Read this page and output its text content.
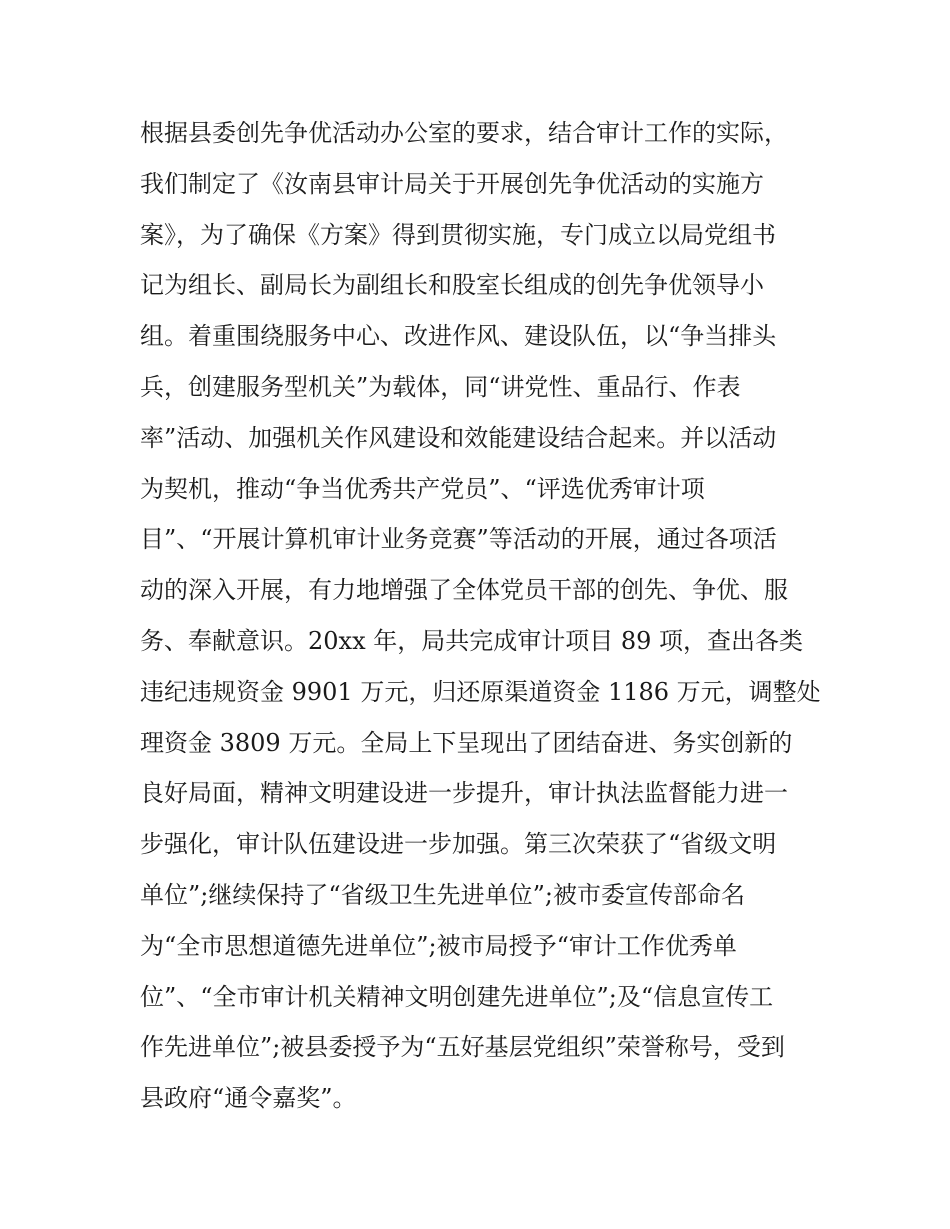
根据县委创先争优活动办公室的要求，结合审计工作的实际，
我们制定了《汝南县审计局关于开展创先争优活动的实施方
案》，为了确保《方案》得到贯彻实施，专门成立以局党组书
记为组长、副局长为副组长和股室长组成的创先争优领导小
组。着重围绕服务中心、改进作风、建设队伍，以“争当排头
兵，创建服务型机关”为载体，同“讲党性、重品行、作表
率”活动、加强机关作风建设和效能建设结合起来。并以活动
为契机，推动“争当优秀共产党员”、“评选优秀审计项
目”、“开展计算机审计业务竞赛”等活动的开展，通过各项活
动的深入开展，有力地增强了全体党员干部的创先、争优、服
务、奉献意识。20xx 年，局共完成审计项目 89 项，查出各类
违纪违规资金 9901 万元，归还原渠道资金 1186 万元，调整处
理资金 3809 万元。全局上下呈现出了团结奋进、务实创新的
良好局面，精神文明建设进一步提升，审计执法监督能力进一
步强化，审计队伍建设进一步加强。第三次荣获了“省级文明
单位”;继续保持了“省级卫生先进单位”;被市委宣传部命名
为“全市思想道德先进单位”;被市局授予“审计工作优秀单
位”、“全市审计机关精神文明创建先进单位”;及“信息宣传工
作先进单位”;被县委授予为“五好基层党组织”荣誉称号，受到
县政府“通令嘉奖”。
